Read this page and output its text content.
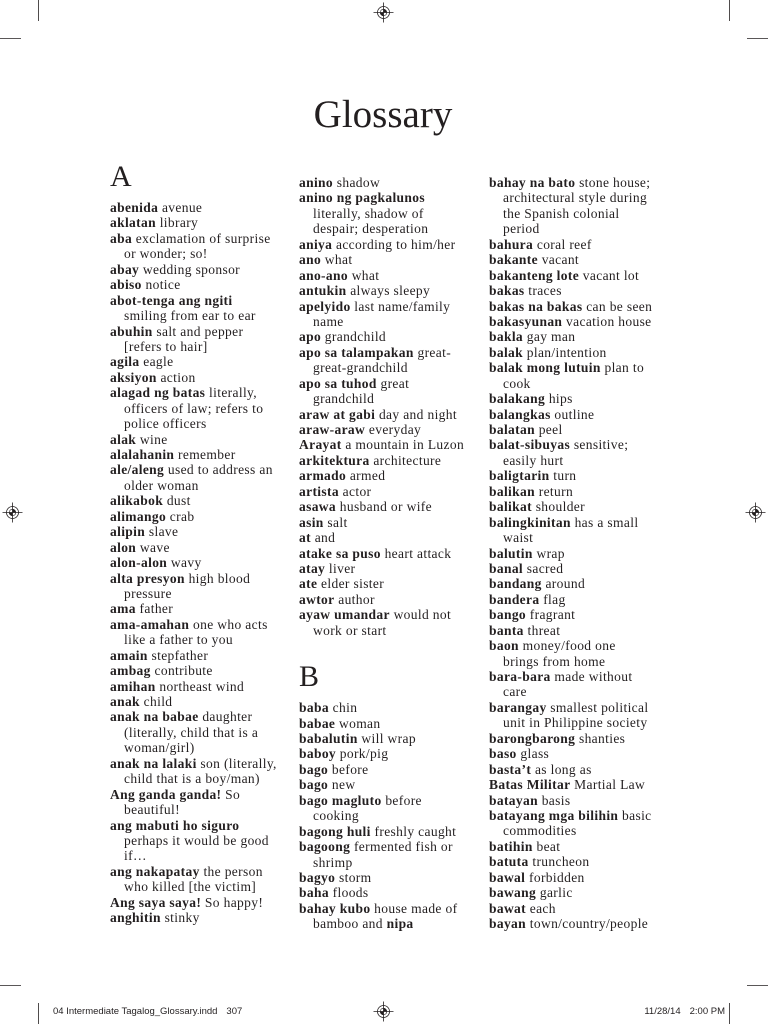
Glossary
A
abenida avenue
aklatan library
aba exclamation of surprise
or wonder; so!
abay wedding sponsor
abiso notice
abot-tenga ang ngiti
smiling from ear to ear
abuhin salt and pepper
[refers to hair]
agila eagle
aksiyon action
alagad ng batas literally,
officers of law; refers to
police officers
alak wine
alalahanin remember
ale/aleng used to address an
older woman
alikabok dust
alimango crab
alipin slave
alon wave
alon-alon wavy
alta presyon high blood
pressure
ama father
ama-amahan one who acts
like a father to you
amain stepfather
ambag contribute
amihan northeast wind
anak child
anak na babae daughter
(literally, child that is a
woman/girl)
anak na lalaki son (literally,
child that is a boy/man)
Ang ganda ganda! So
beautiful!
ang mabuti ho siguro
perhaps it would be good
if…
ang nakapatay the person
who killed [the victim]
Ang saya saya! So happy!
anghitin stinky
anino shadow
anino ng pagkalunos
literally, shadow of
despair; desperation
aniya according to him/her
ano what
ano-ano what
antukin always sleepy
apelyido last name/family
name
apo grandchild
apo sa talampakan great-
great-grandchild
apo sa tuhod great
grandchild
araw at gabi day and night
araw-araw everyday
Arayat a mountain in Luzon
arkitektura architecture
armado armed
artista actor
asawa husband or wife
asin salt
at and
atake sa puso heart attack
atay liver
ate elder sister
awtor author
ayaw umandar would not
work or start
B
baba chin
babae woman
babalutin will wrap
baboy pork/pig
bago before
bago new
bago magluto before
cooking
bagong huli freshly caught
bagoong fermented fish or
shrimp
bagyo storm
baha floods
bahay kubo house made of
bamboo and nipa
bahay na bato stone house;
architectural style during
the Spanish colonial
period
bahura coral reef
bakante vacant
bakanteng lote vacant lot
bakas traces
bakas na bakas can be seen
bakasyunan vacation house
bakla gay man
balak plan/intention
balak mong lutuin plan to
cook
balakang hips
balangkas outline
balatan peel
balat-sibuyas sensitive;
easily hurt
baligtarin turn
balikan return
balikat shoulder
balingkinitan has a small
waist
balutin wrap
banal sacred
bandang around
bandera flag
bango fragrant
banta threat
baon money/food one
brings from home
bara-bara made without
care
barangay smallest political
unit in Philippine society
barongbarong shanties
baso glass
basta’t as long as
Batas Militar Martial Law
batayan basis
batayang mga bilihin basic
commodities
batihin beat
batuta truncheon
bawal forbidden
bawang garlic
bawat each
bayan town/country/people
04 Intermediate Tagalog_Glossary.indd 307	11/28/14 2:00 PM
